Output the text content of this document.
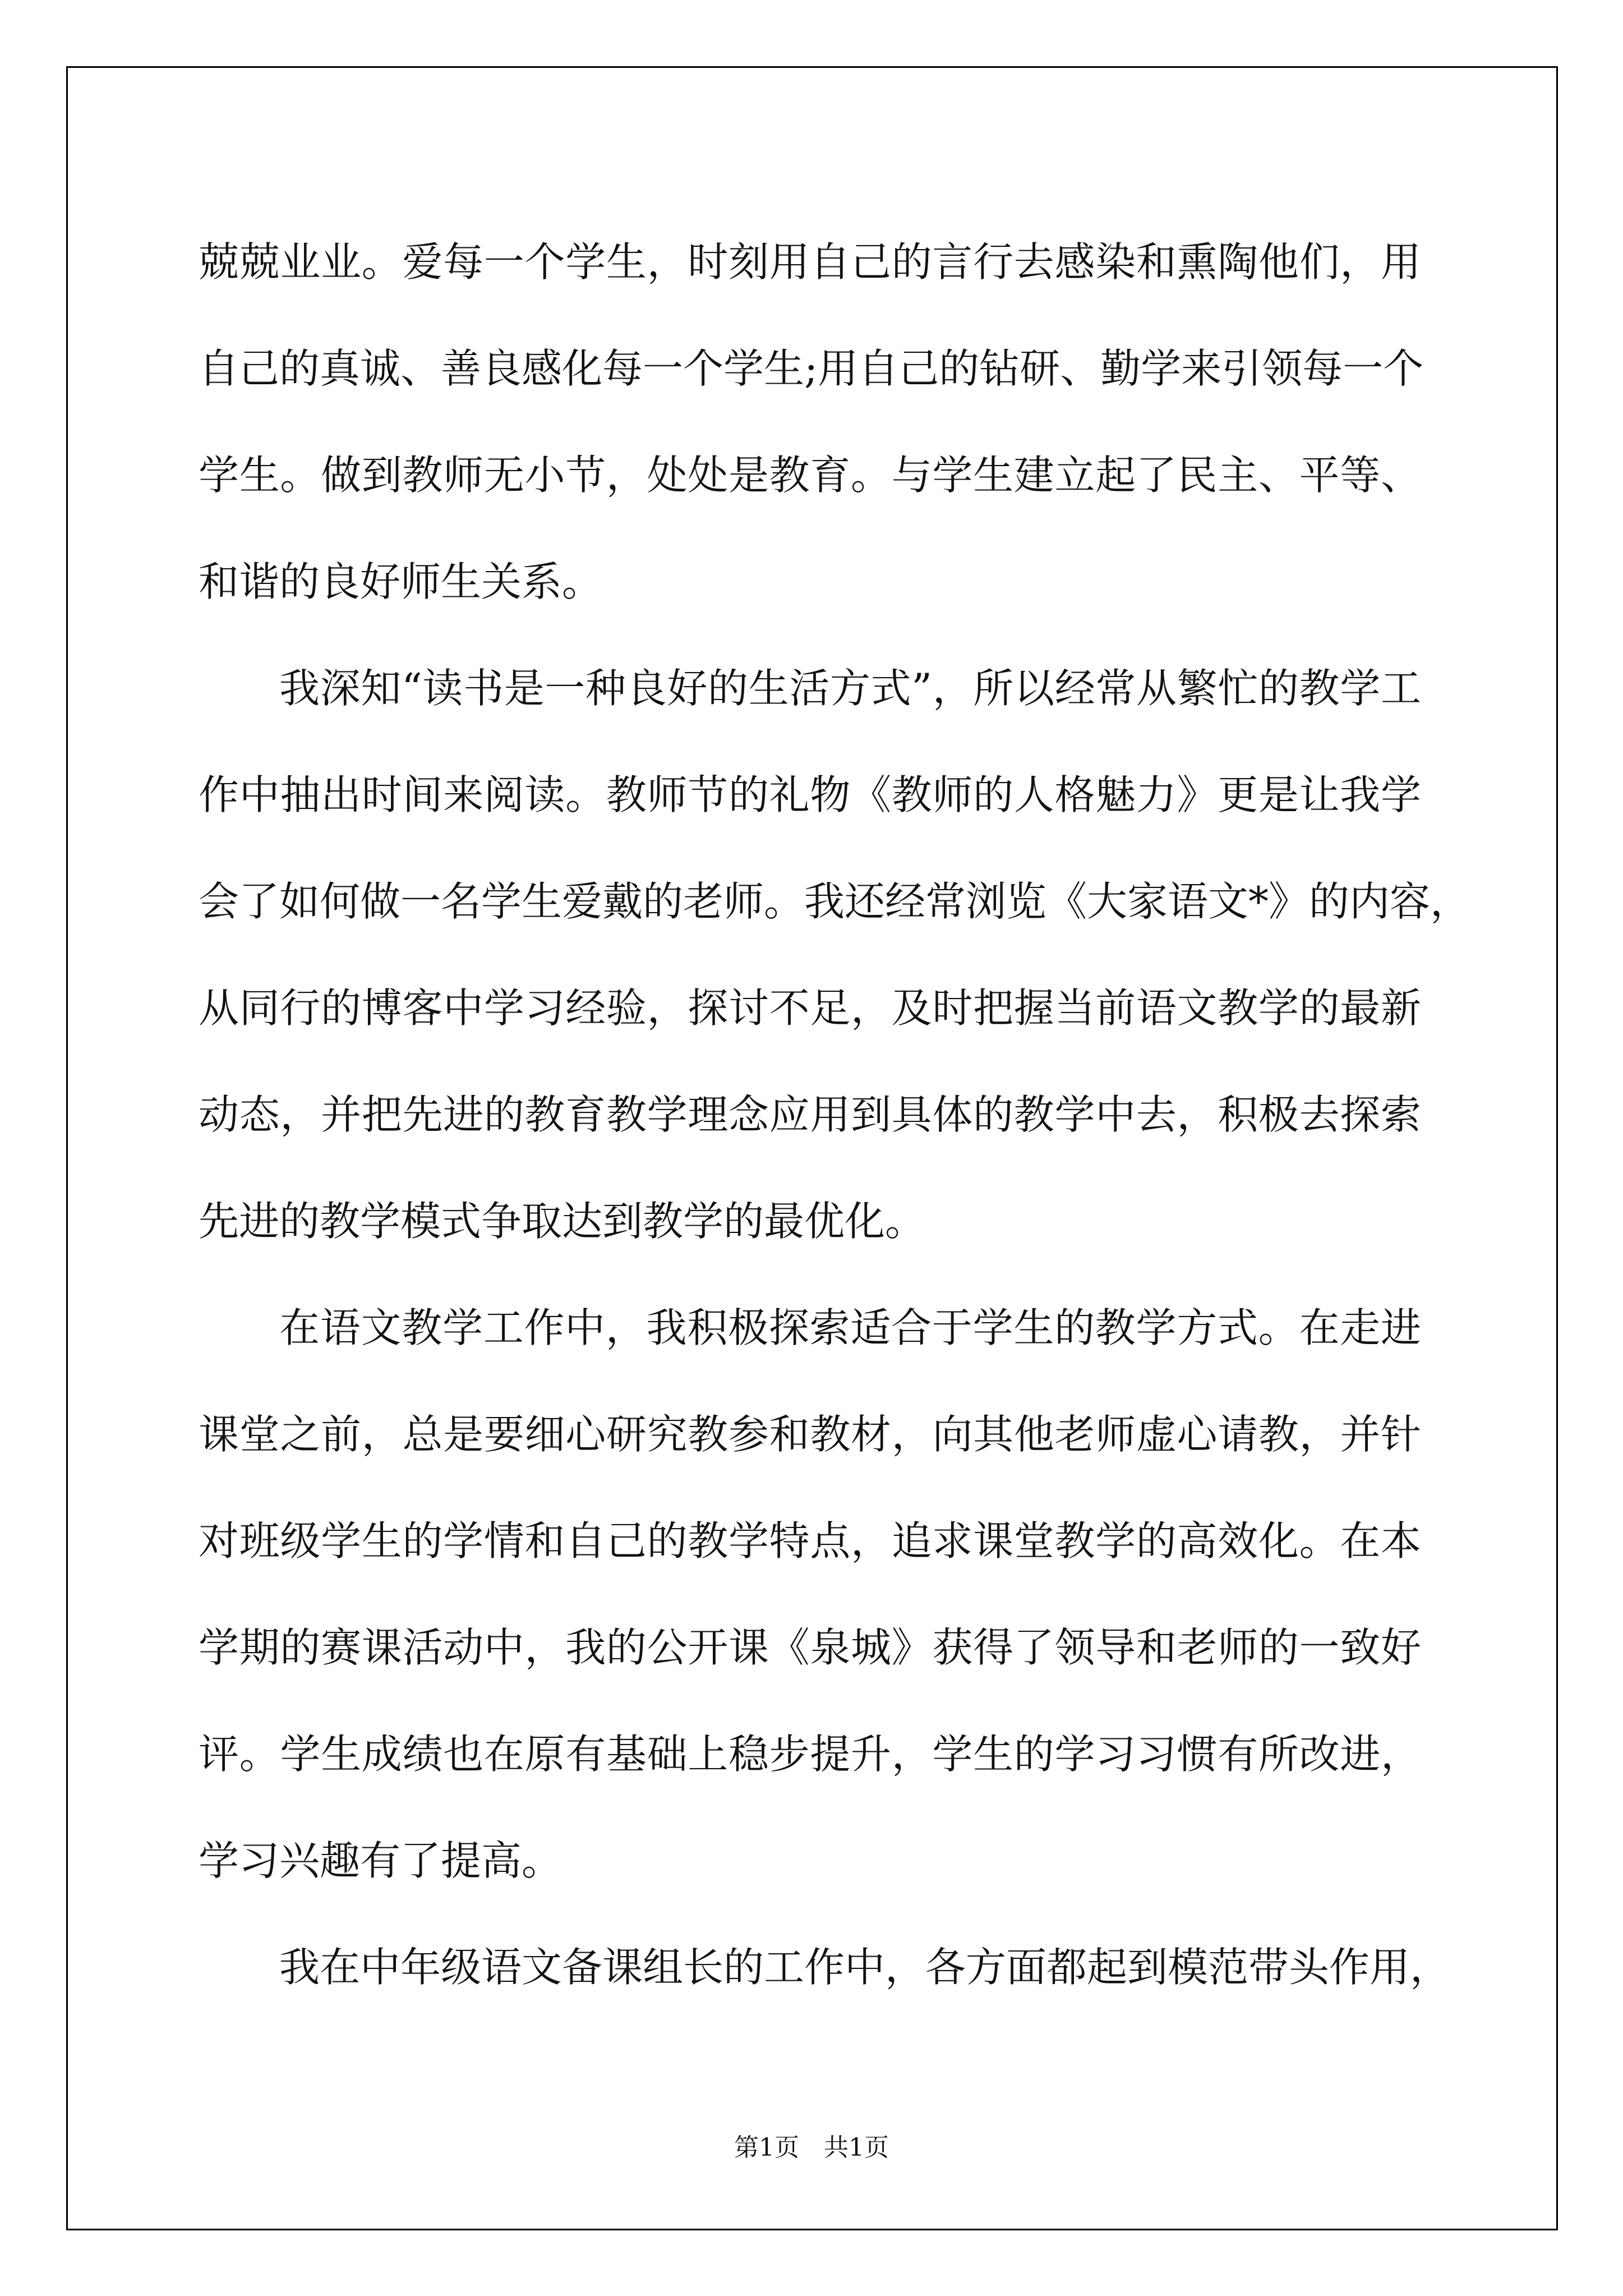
兢兢业业。爱每一个学生，时刻用自己的言行去感染和熏陶他们，用
自己的真诚、善良感化每一个学生;用自己的钻研、勤学来引领每一个
学生。做到教师无小节，处处是教育。与学生建立起了民主、平等、
和谐的良好师生关系。
我深知“读书是一种良好的生活方式”，所以经常从繁忙的教学工
作中抽出时间来阅读。教师节的礼物《教师的人格魅力》更是让我学
会了如何做一名学生爱戴的老师。我还经常浏览《大家语文*》的内容，
从同行的博客中学习经验，探讨不足，及时把握当前语文教学的最新
动态，并把先进的教育教学理念应用到具体的教学中去，积极去探索
先进的教学模式争取达到教学的最优化。
在语文教学工作中，我积极探索适合于学生的教学方式。在走进
课堂之前，总是要细心研究教参和教材，向其他老师虚心请教，并针
对班级学生的学情和自己的教学特点，追求课堂教学的高效化。在本
学期的赛课活动中，我的公开课《泉城》获得了领导和老师的一致好
评。学生成绩也在原有基础上稳步提升，学生的学习习惯有所改进，
学习兴趣有了提高。
我在中年级语文备课组长的工作中，各方面都起到模范带头作用，
第1页　共1页
